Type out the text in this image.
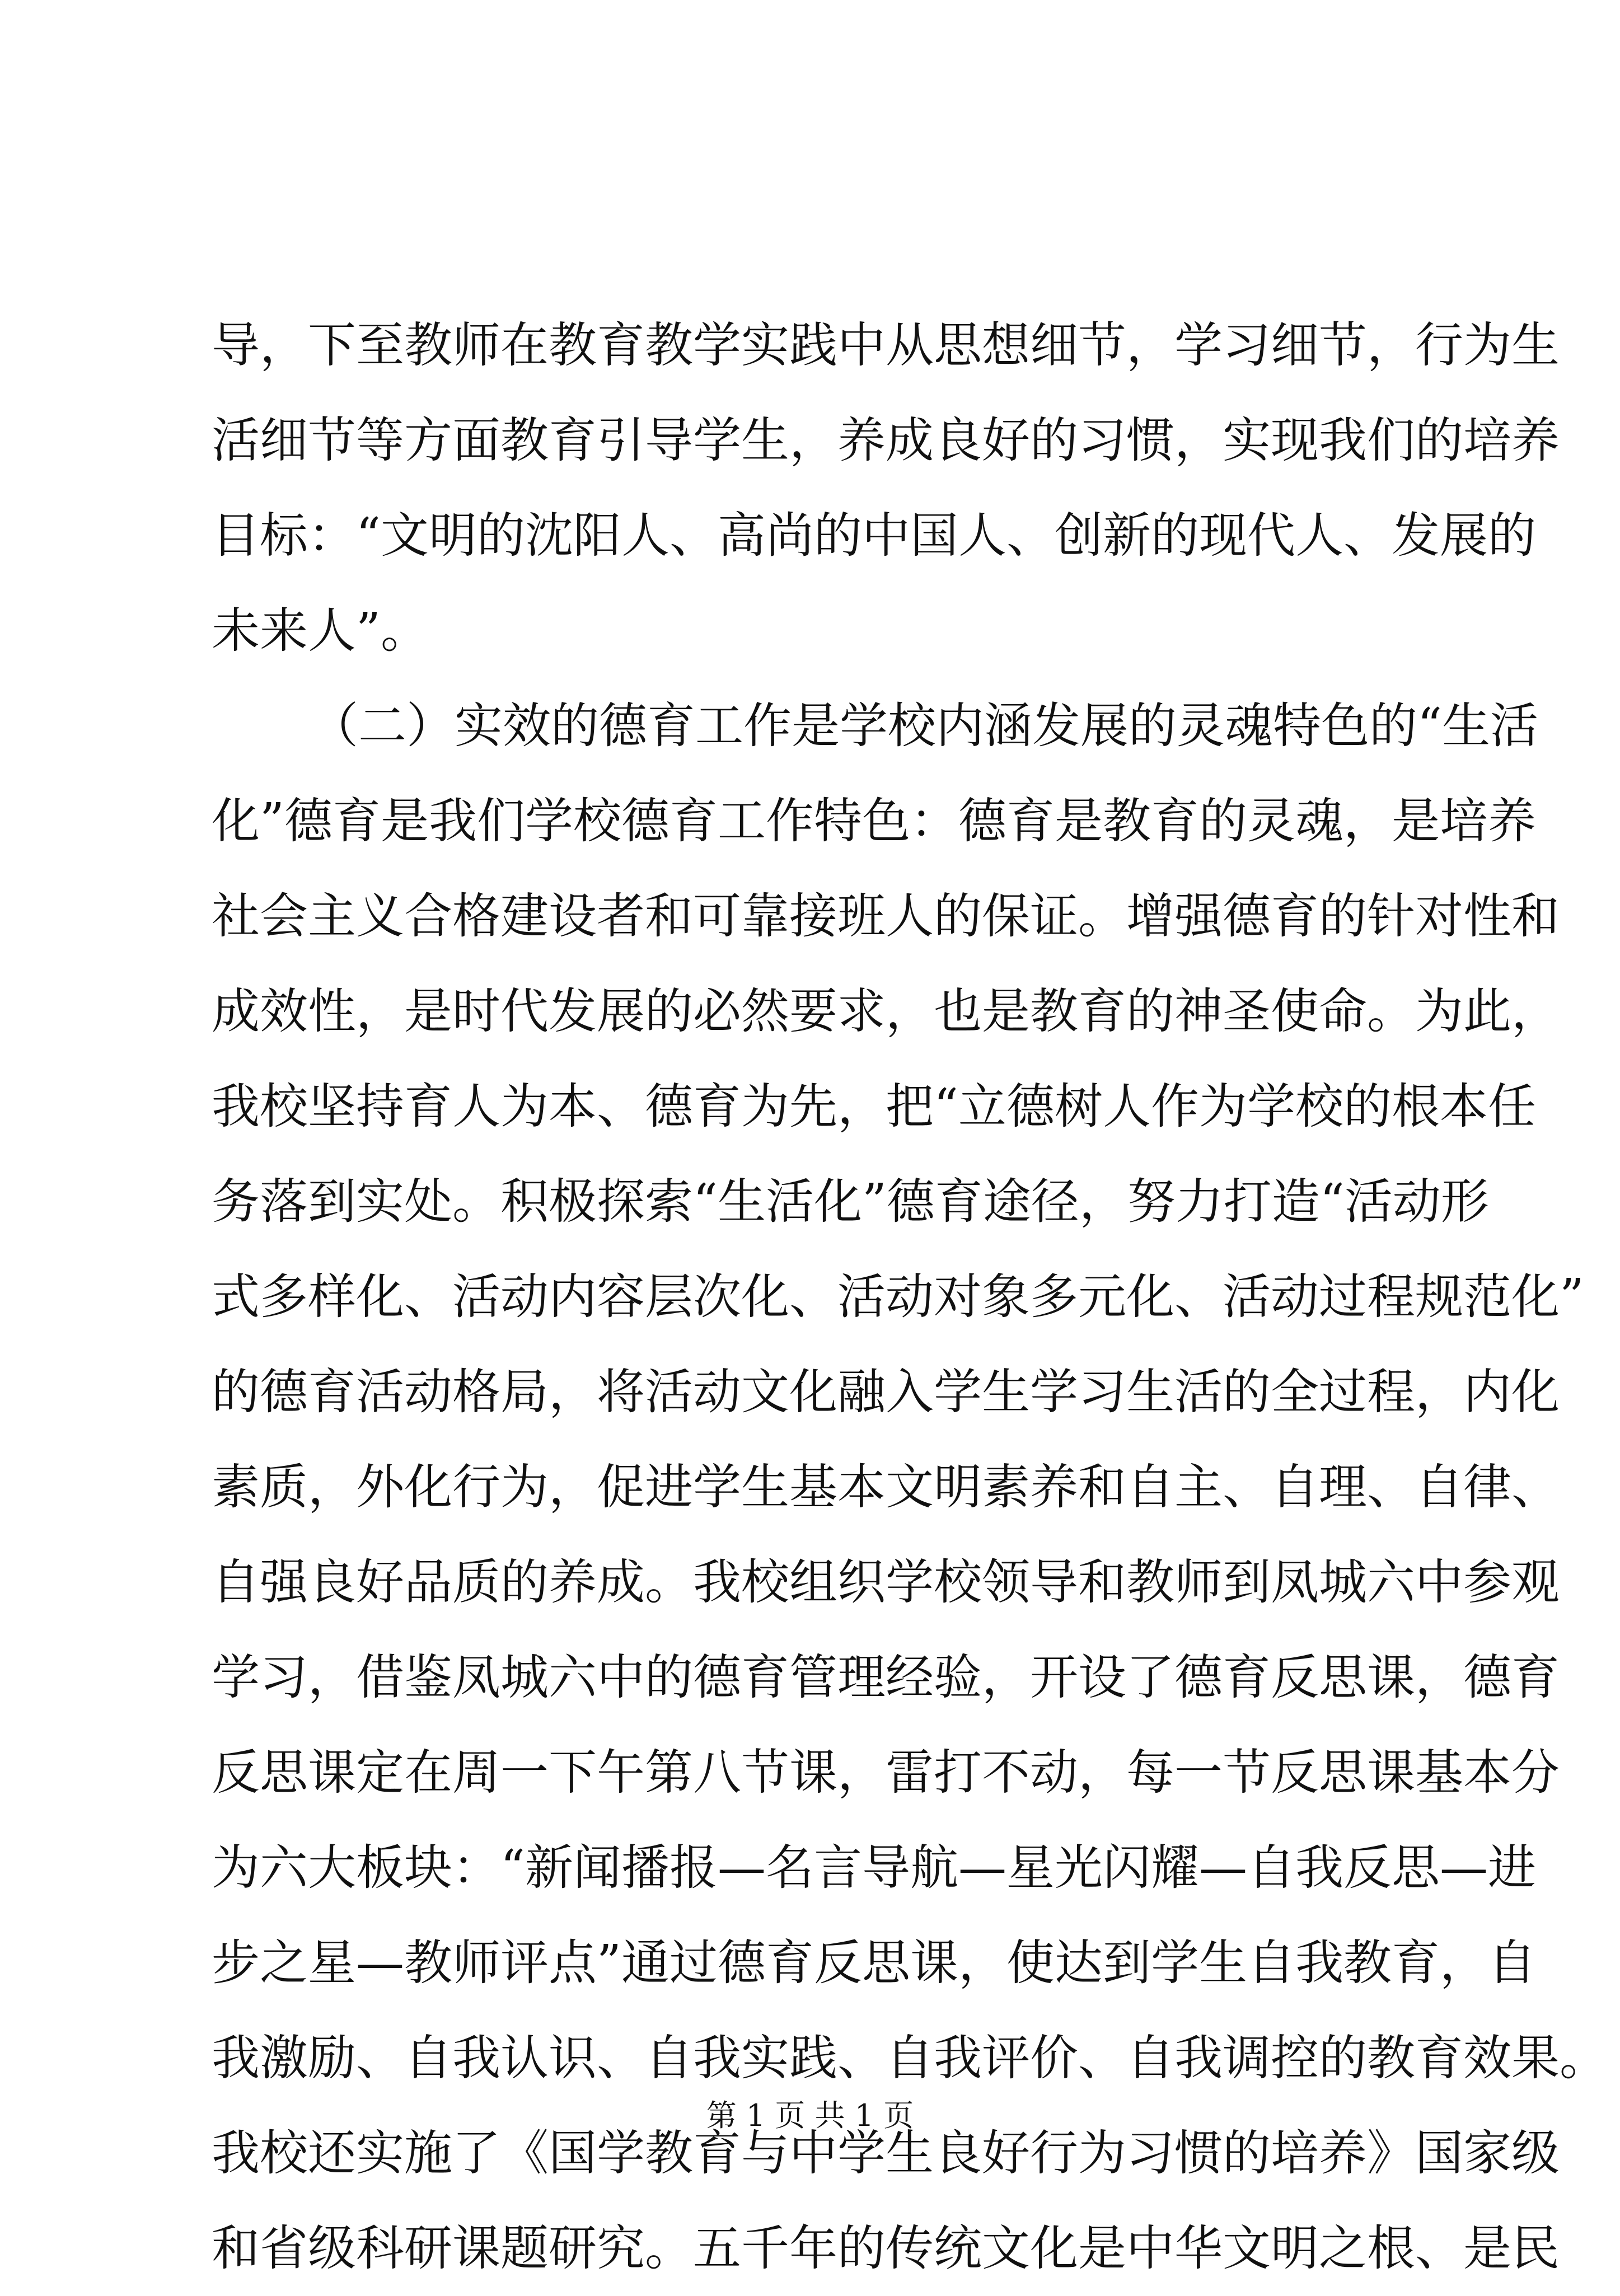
导，下至教师在教育教学实践中从思想细节，学习细节，行为生
活细节等方面教育引导学生，养成良好的习惯，实现我们的培养
目标：“文明的沈阳人、高尚的中国人、创新的现代人、发展的
未来人”。
（二）实效的德育工作是学校内涵发展的灵魂特色的“生活
化”德育是我们学校德育工作特色：德育是教育的灵魂，是培养
社会主义合格建设者和可靠接班人的保证。增强德育的针对性和
成效性，是时代发展的必然要求，也是教育的神圣使命。为此，
我校坚持育人为本、德育为先，把“立德树人作为学校的根本任
务落到实处。积极探索“生活化”德育途径，努力打造“活动形
式多样化、活动内容层次化、活动对象多元化、活动过程规范化”
的德育活动格局，将活动文化融入学生学习生活的全过程，内化
素质，外化行为，促进学生基本文明素养和自主、自理、自律、
自强良好品质的养成。我校组织学校领导和教师到凤城六中参观
学习，借鉴凤城六中的德育管理经验，开设了德育反思课，德育
反思课定在周一下午第八节课，雷打不动，每一节反思课基本分
为六大板块：“新闻播报—名言导航—星光闪耀—自我反思—进
步之星—教师评点”通过德育反思课，使达到学生自我教育，自
我激励、自我认识、自我实践、自我评价、自我调控的教育效果。
我校还实施了《国学教育与中学生良好行为习惯的培养》国家级
和省级科研课题研究。五千年的传统文化是中华文明之根、是民
第 1 页 共 1 页
